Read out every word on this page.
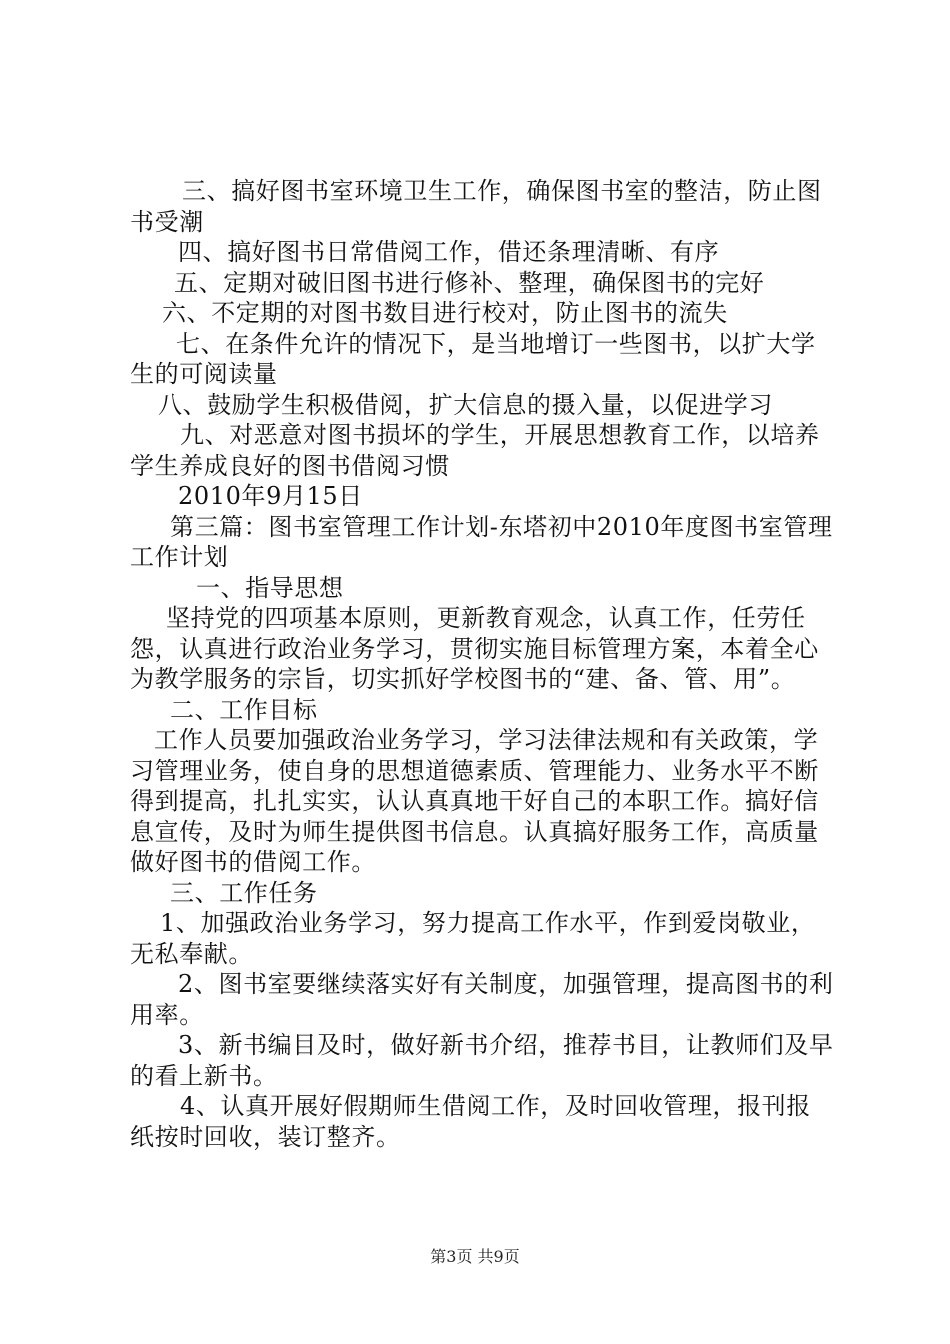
三、搞好图书室环境卫生工作，确保图书室的整洁，防止图书受潮

四、搞好图书日常借阅工作，借还条理清晰、有序

五、定期对破旧图书进行修补、整理，确保图书的完好

六、不定期的对图书数目进行校对，防止图书的流失

七、在条件允许的情况下，是当地增订一些图书，以扩大学生的可阅读量

八、鼓励学生积极借阅，扩大信息的摄入量，以促进学习

九、对恶意对图书损坏的学生，开展思想教育工作，以培养学生养成良好的图书借阅习惯

2010年9月15日

第三篇：图书室管理工作计划-东塔初中2010年度图书室管理工作计划

一、指导思想

坚持党的四项基本原则，更新教育观念，认真工作，任劳任怨，认真进行政治业务学习，贯彻实施目标管理方案，本着全心为教学服务的宗旨，切实抓好学校图书的“建、备、管、用”。

二、工作目标

工作人员要加强政治业务学习，学习法律法规和有关政策，学习管理业务，使自身的思想道德素质、管理能力、业务水平不断得到提高，扎扎实实，认认真真地干好自己的本职工作。搞好信息宣传，及时为师生提供图书信息。认真搞好服务工作，高质量做好图书的借阅工作。

三、工作任务

1、加强政治业务学习，努力提高工作水平，作到爱岗敬业，无私奉献。

2、图书室要继续落实好有关制度，加强管理，提高图书的利用率。

3、新书编目及时，做好新书介绍，推荐书目，让教师们及早的看上新书。

4、认真开展好假期师生借阅工作，及时回收管理，报刊报纸按时回收，装订整齐。

第3页 共9页
